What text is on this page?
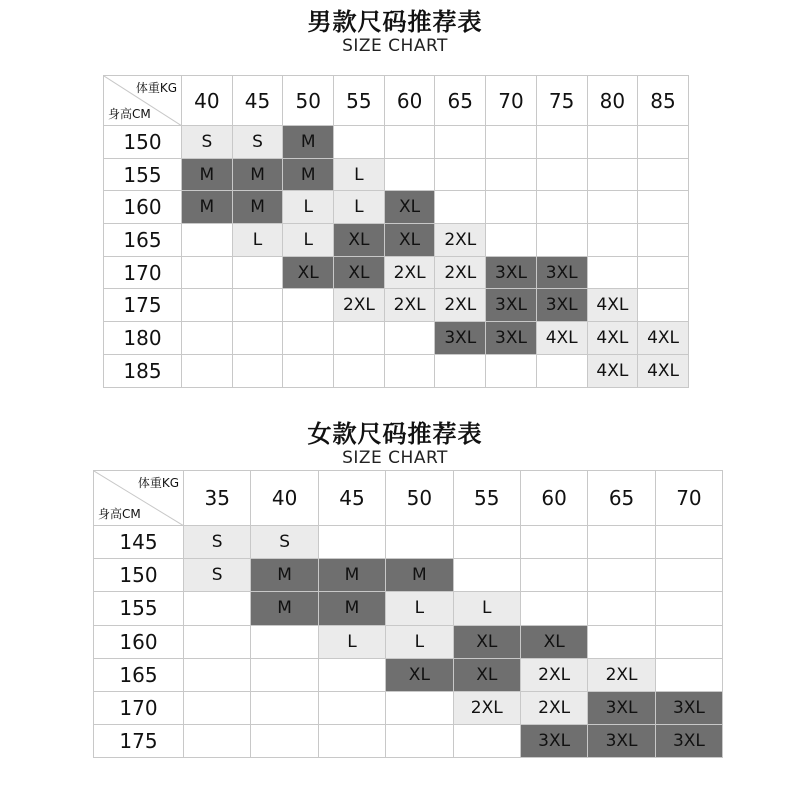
男款尺码推荐表
SIZE CHART
体重KG
身高CM	40	45	50	55	60	65	70	75	80	85
150	S	S	M							
155	M	M	M	L						
160	M	M	L	L	XL					
165		L	L	XL	XL	2XL				
170			XL	XL	2XL	2XL	3XL	3XL		
175				2XL	2XL	2XL	3XL	3XL	4XL	
180						3XL	3XL	4XL	4XL	4XL
185									4XL	4XL
女款尺码推荐表
SIZE CHART
体重KG
身高CM	35	40	45	50	55	60	65	70
145	S	S						
150	S	M	M	M				
155		M	M	L	L			
160			L	L	XL	XL		
165				XL	XL	2XL	2XL	
170					2XL	2XL	3XL	3XL
175						3XL	3XL	3XL
